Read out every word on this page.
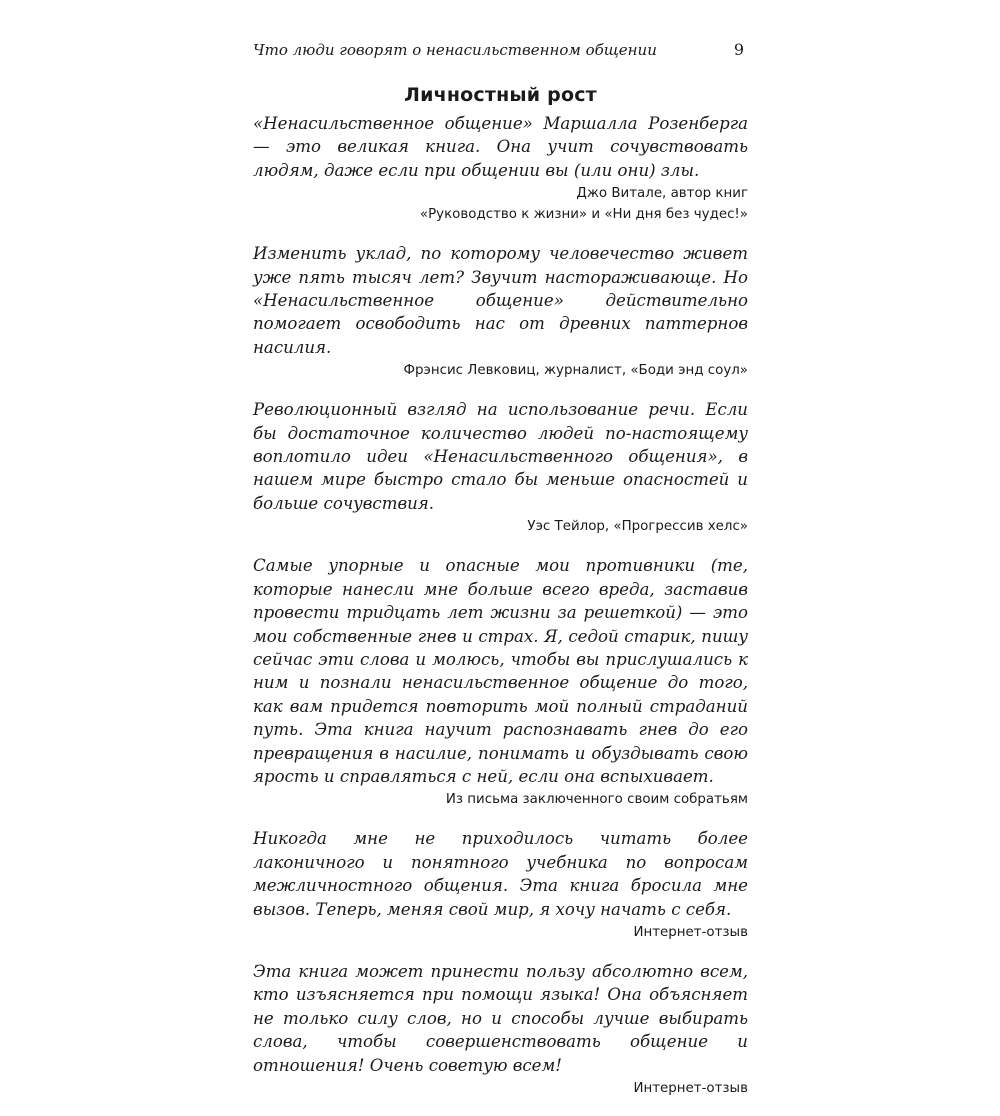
Что люди говорят о ненасильственном общении	9
Личностный рост
«Ненасильственное общение» Маршалла Розенберга — это великая книга. Она учит сочувствовать людям, даже если при общении вы (или они) злы.
Джо Витале, автор книг
«Руководство к жизни» и «Ни дня без чудес!»
Изменить уклад, по которому человечество живет уже пять тысяч лет? Звучит настораживающе. Но «Ненасильственное общение» действительно помогает освободить нас от древних паттернов насилия.
Фрэнсис Левковиц, журналист, «Боди энд соул»
Революционный взгляд на использование речи. Если бы достаточное количество людей по-настоящему воплотило идеи «Ненасильственного общения», в нашем мире быстро стало бы меньше опасностей и больше сочувствия.
Уэс Тейлор, «Прогрессив хелс»
Самые упорные и опасные мои противники (те, которые нанесли мне больше всего вреда, заставив провести тридцать лет жизни за решеткой) — это мои собственные гнев и страх. Я, седой старик, пишу сейчас эти слова и молюсь, чтобы вы прислушались к ним и познали ненасильственное общение до того, как вам придется повторить мой полный страданий путь. Эта книга научит распознавать гнев до его превращения в насилие, понимать и обуздывать свою ярость и справляться с ней, если она вспыхивает.
Из письма заключенного своим собратьям
Никогда мне не приходилось читать более лаконичного и понятного учебника по вопросам межличностного общения. Эта книга бросила мне вызов. Теперь, меняя свой мир, я хочу начать с себя.
Интернет-отзыв
Эта книга может принести пользу абсолютно всем, кто изъясняется при помощи языка! Она объясняет не только силу слов, но и способы лучше выбирать слова, чтобы совершенствовать общение и отношения! Очень советую всем!
Интернет-отзыв
